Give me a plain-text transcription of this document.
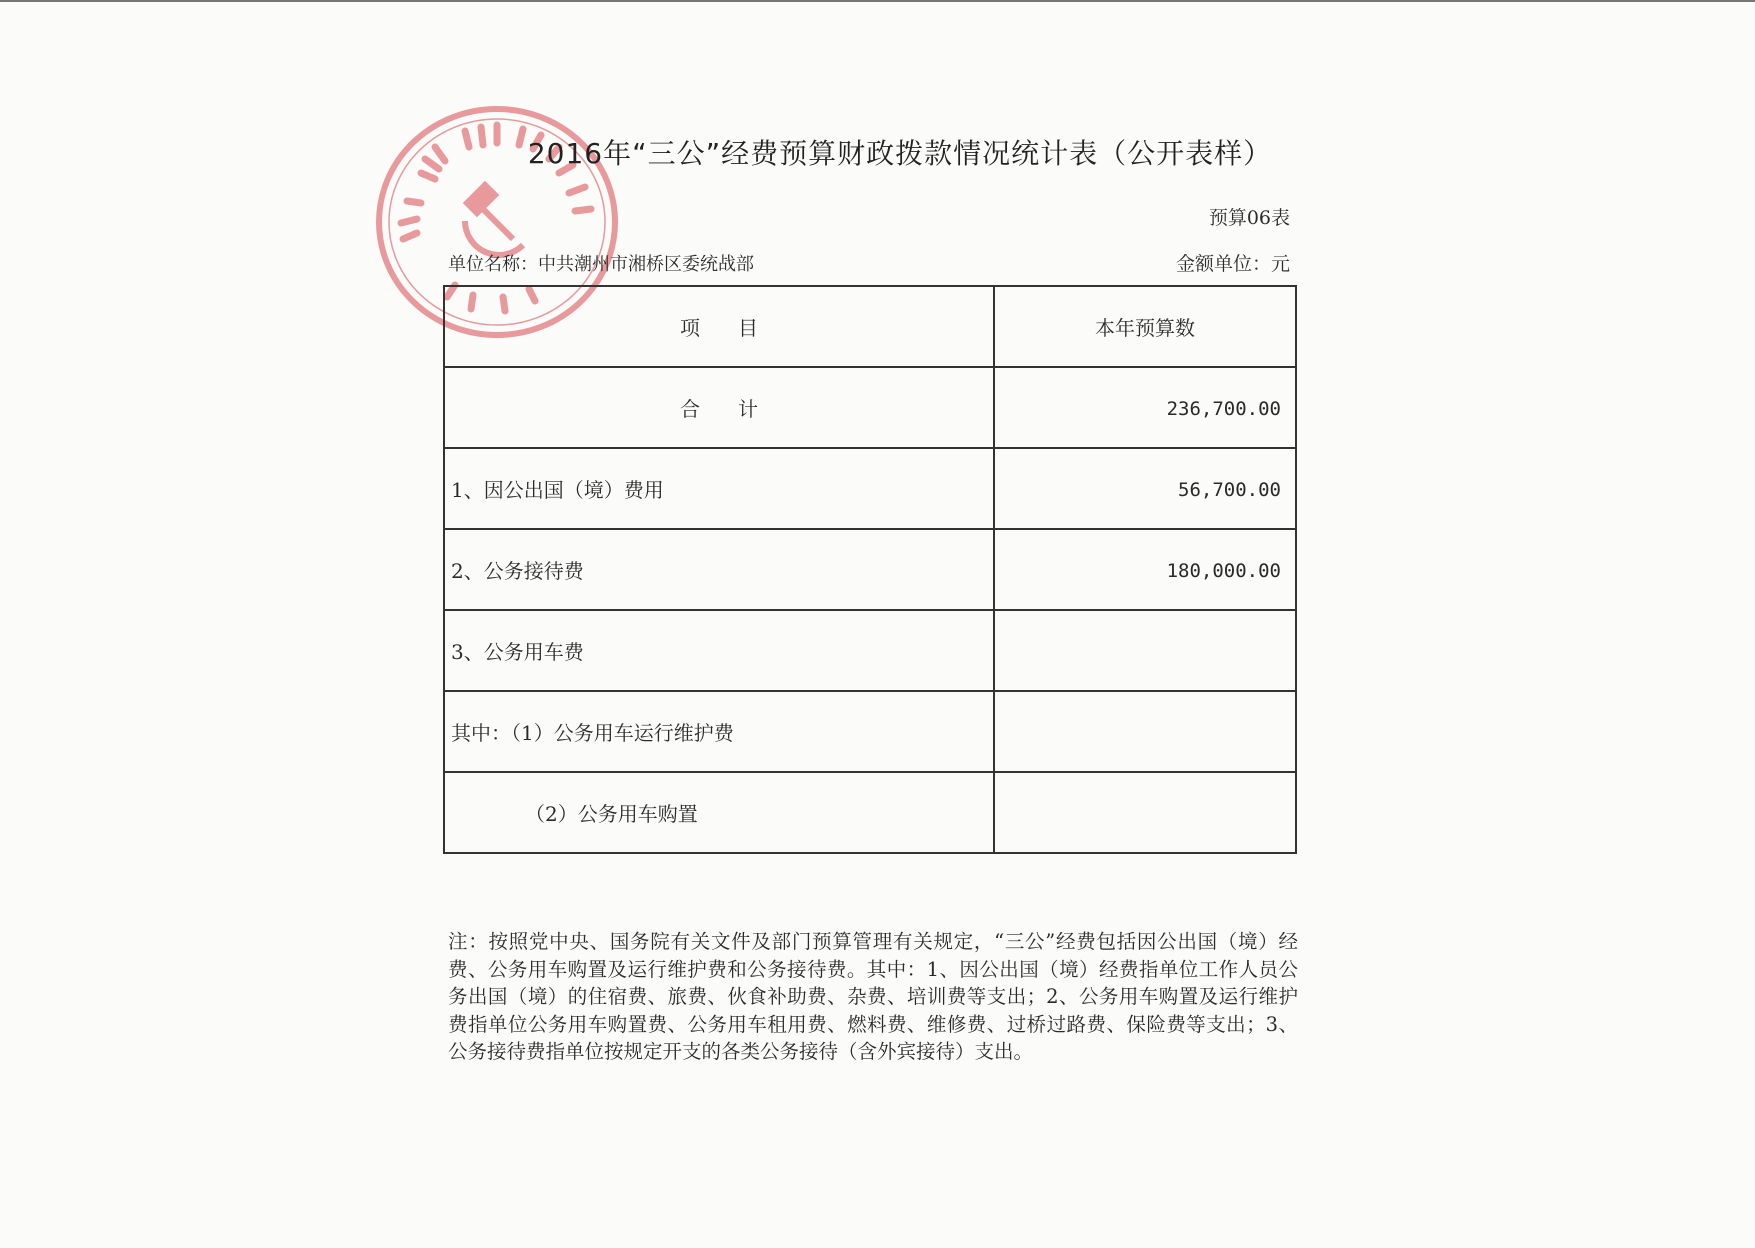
2016年“三公”经费预算财政拨款情况统计表（公开表样）
预算06表
单位名称：中共潮州市湘桥区委统战部	金额单位：元
项目	本年预算数
合计	236,700.00
1、因公出国（境）费用	56,700.00
2、公务接待费	180,000.00
3、公务用车费	
其中：（1）公务用车运行维护费	
（2）公务用车购置	
注：按照党中央、国务院有关文件及部门预算管理有关规定，“三公”经费包括因公出国（境）经费、公务用车购置及运行维护费和公务接待费。其中：1、因公出国（境）经费指单位工作人员公务出国（境）的住宿费、旅费、伙食补助费、杂费、培训费等支出；2、公务用车购置及运行维护费指单位公务用车购置费、公务用车租用费、燃料费、维修费、过桥过路费、保险费等支出；3、公务接待费指单位按规定开支的各类公务接待（含外宾接待）支出。
